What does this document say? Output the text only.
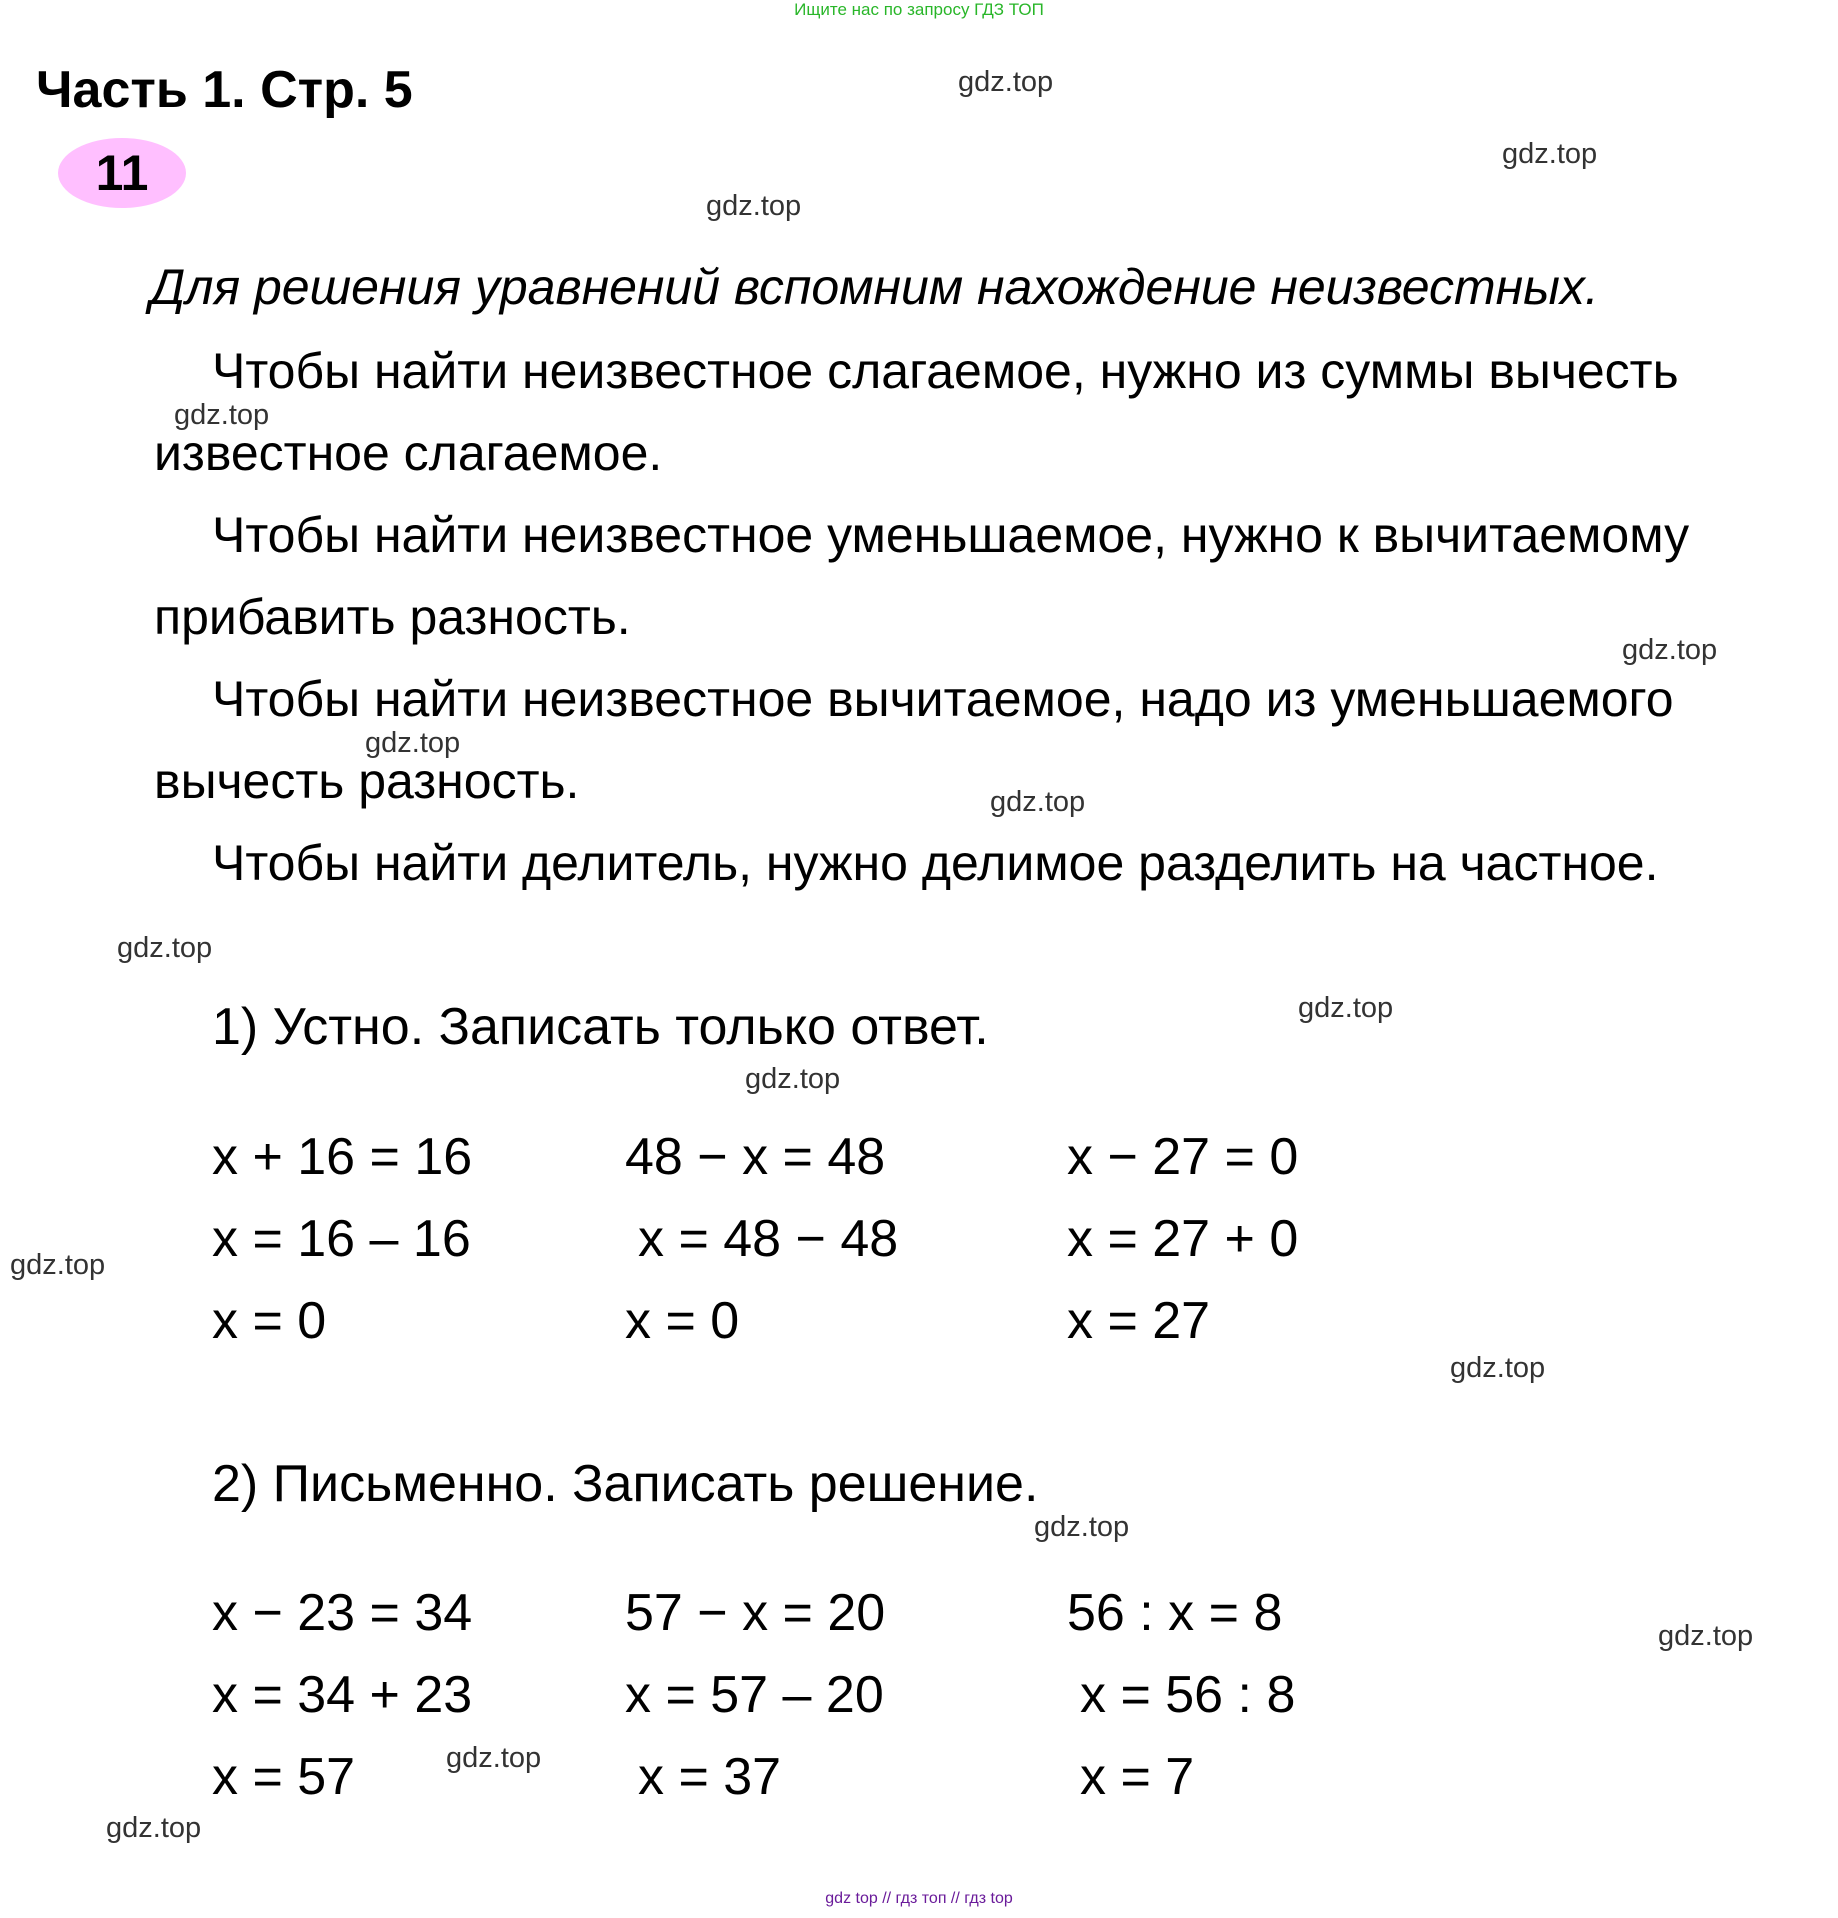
Ищите нас по запросу ГДЗ ТОП
Часть 1. Стр. 5
11
Для решения уравнений вспомним нахождение неизвестных.
Чтобы найти неизвестное слагаемое, нужно из суммы вычесть
известное слагаемое.
Чтобы найти неизвестное уменьшаемое, нужно к вычитаемому
прибавить разность.
Чтобы найти неизвестное вычитаемое, надо из уменьшаемого
вычесть разность.
Чтобы найти делитель, нужно делимое разделить на частное.
1) Устно. Записать только ответ.
x + 16 = 16
x = 16 – 16
x = 0
48 − x = 48
x = 48 − 48
x = 0
x − 27 = 0
x = 27 + 0
x = 27
2) Письменно. Записать решение.
x − 23 = 34
x = 34 + 23
x = 57
57 − x = 20
x = 57 – 20
x = 37
56 : x = 8
x = 56 : 8
x = 7
gdz.top
gdz.top
gdz.top
gdz.top
gdz.top
gdz.top
gdz.top
gdz.top
gdz.top
gdz.top
gdz.top
gdz.top
gdz.top
gdz.top
gdz.top
gdz.top
gdz top // гдз топ // гдз top
